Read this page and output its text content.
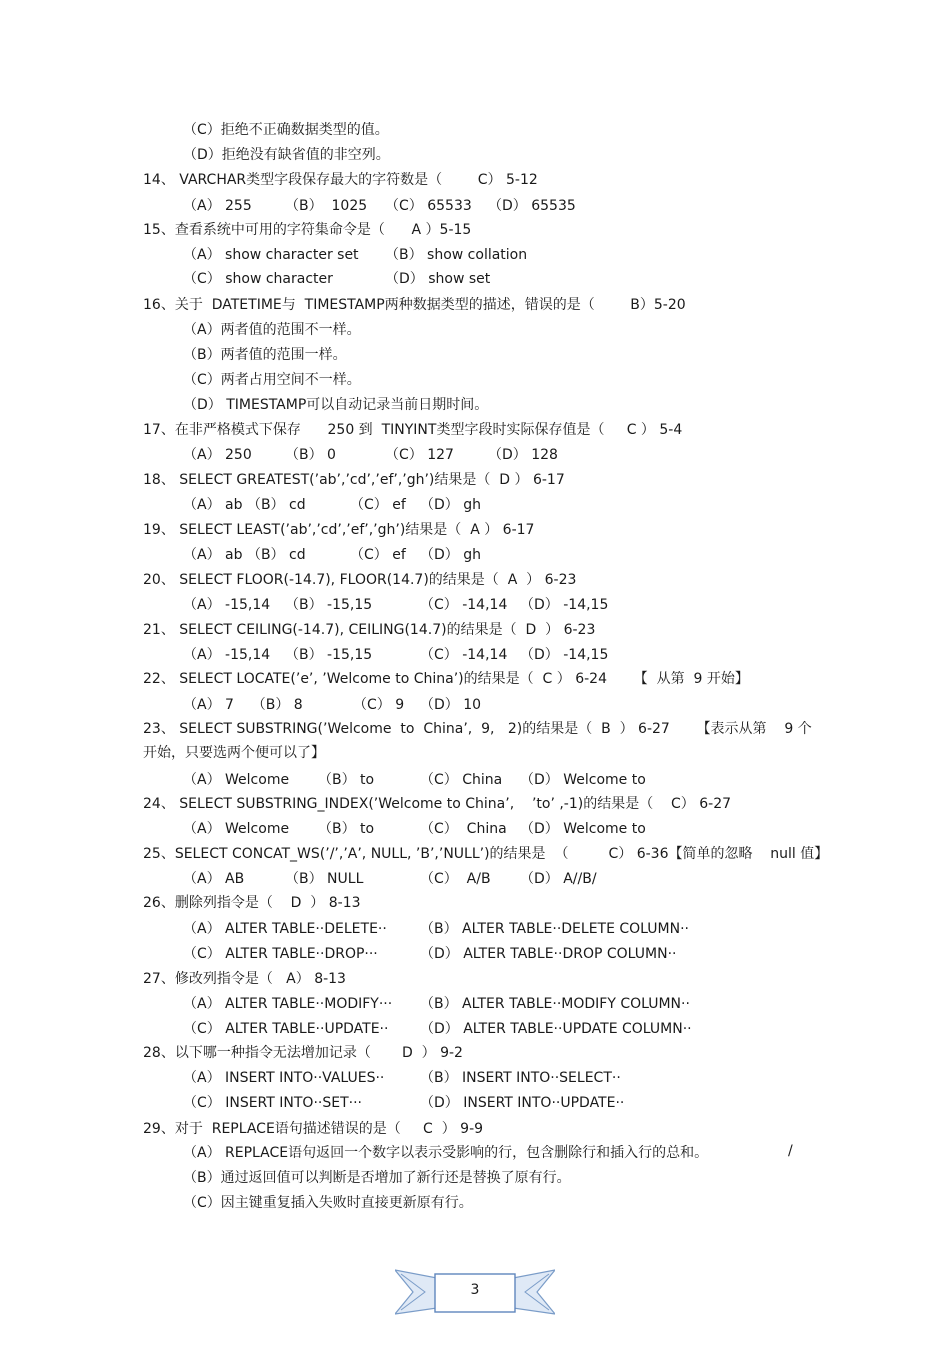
（C）拒绝不正确数据类型的值。
（D）拒绝没有缺省值的非空列。
14、 VARCHAR类型字段保存最大的字符数是（        C） 5-12
（A） 255 （B）  1025 （C） 65533 （D） 65535
15、查看系统中可用的字符集命令是（      A ）5-15
（A） show character set （B） show collation
（C） show character	（D） show set
16、关于  DATETIME与  TIMESTAMP两种数据类型的描述，错误的是（        B）5-20
（A）两者值的范围不一样。
（B）两者值的范围一样。
（C）两者占用空间不一样。
（D） TIMESTAMP可以自动记录当前日期时间。
17、在非严格模式下保存      250 到  TINYINT类型字段时实际保存值是（     C ） 5-4
（A） 250 （B） 0	（C） 127 （D） 128
18、 SELECT GREATEST(’ab’,’cd’,’ef’,’gh’)结果是（  D ） 6-17
（A） ab （B） cd	（C） ef （D） gh
19、 SELECT LEAST(’ab’,’cd’,’ef’,’gh’)结果是（  A ） 6-17
（A） ab （B） cd	（C） ef （D） gh
20、 SELECT FLOOR(-14.7), FLOOR(14.7)的结果是（  A  ） 6-23
（A） -15,14 （B） -15,15	（C） -14,14 （D） -14,15
21、 SELECT CEILING(-14.7), CEILING(14.7)的结果是（  D  ） 6-23
（A） -15,14 （B） -15,15	（C） -14,14 （D） -14,15
22、 SELECT LOCATE(’e’, ’Welcome to China’)的结果是（  C ） 6-24      【  从第  9 开始】
（A） 7    （B） 8	（C） 9 （D） 10
23、 SELECT SUBSTRING(’Welcome  to  China’,  9,   2)的结果是（  B  ） 6-27      【表示从第    9 个
开始，只要选两个便可以了】
（A） Welcome （B） to	（C） China （D） Welcome to
24、 SELECT SUBSTRING_INDEX(’Welcome to China’,    ’to’ ,-1)的结果是（    C） 6-27
（A） Welcome （B） to	（C）  China （D） Welcome to
25、SELECT CONCAT_WS(’/’,’A’, NULL, ’B’,’NULL’)的结果是  （         C） 6-36【简单的忽略    null 值】
（A） AB	（B） NULL	（C）  A/B （D） A//B/
26、删除列指令是（    D  ） 8-13
（A） ALTER TABLE··DELETE·· （B） ALTER TABLE··DELETE COLUMN··
（C） ALTER TABLE··DROP···	（D） ALTER TABLE··DROP COLUMN··
27、修改列指令是（   A） 8-13
（A） ALTER TABLE··MODIFY··· （B） ALTER TABLE··MODIFY COLUMN··
（C） ALTER TABLE··UPDATE·· （D） ALTER TABLE··UPDATE COLUMN··
28、以下哪一种指令无法增加记录（       D  ） 9-2
（A） INSERT INTO··VALUES··	（B） INSERT INTO··SELECT··
（C） INSERT INTO··SET···	（D） INSERT INTO··UPDATE··
29、对于  REPLACE语句描述错误的是（     C  ） 9-9
（A） REPLACE语句返回一个数字以表示受影响的行，包含删除行和插入行的总和。
（B）通过返回值可以判断是否增加了新行还是替换了原有行。
（C）因主键重复插入失败时直接更新原有行。
/
3
